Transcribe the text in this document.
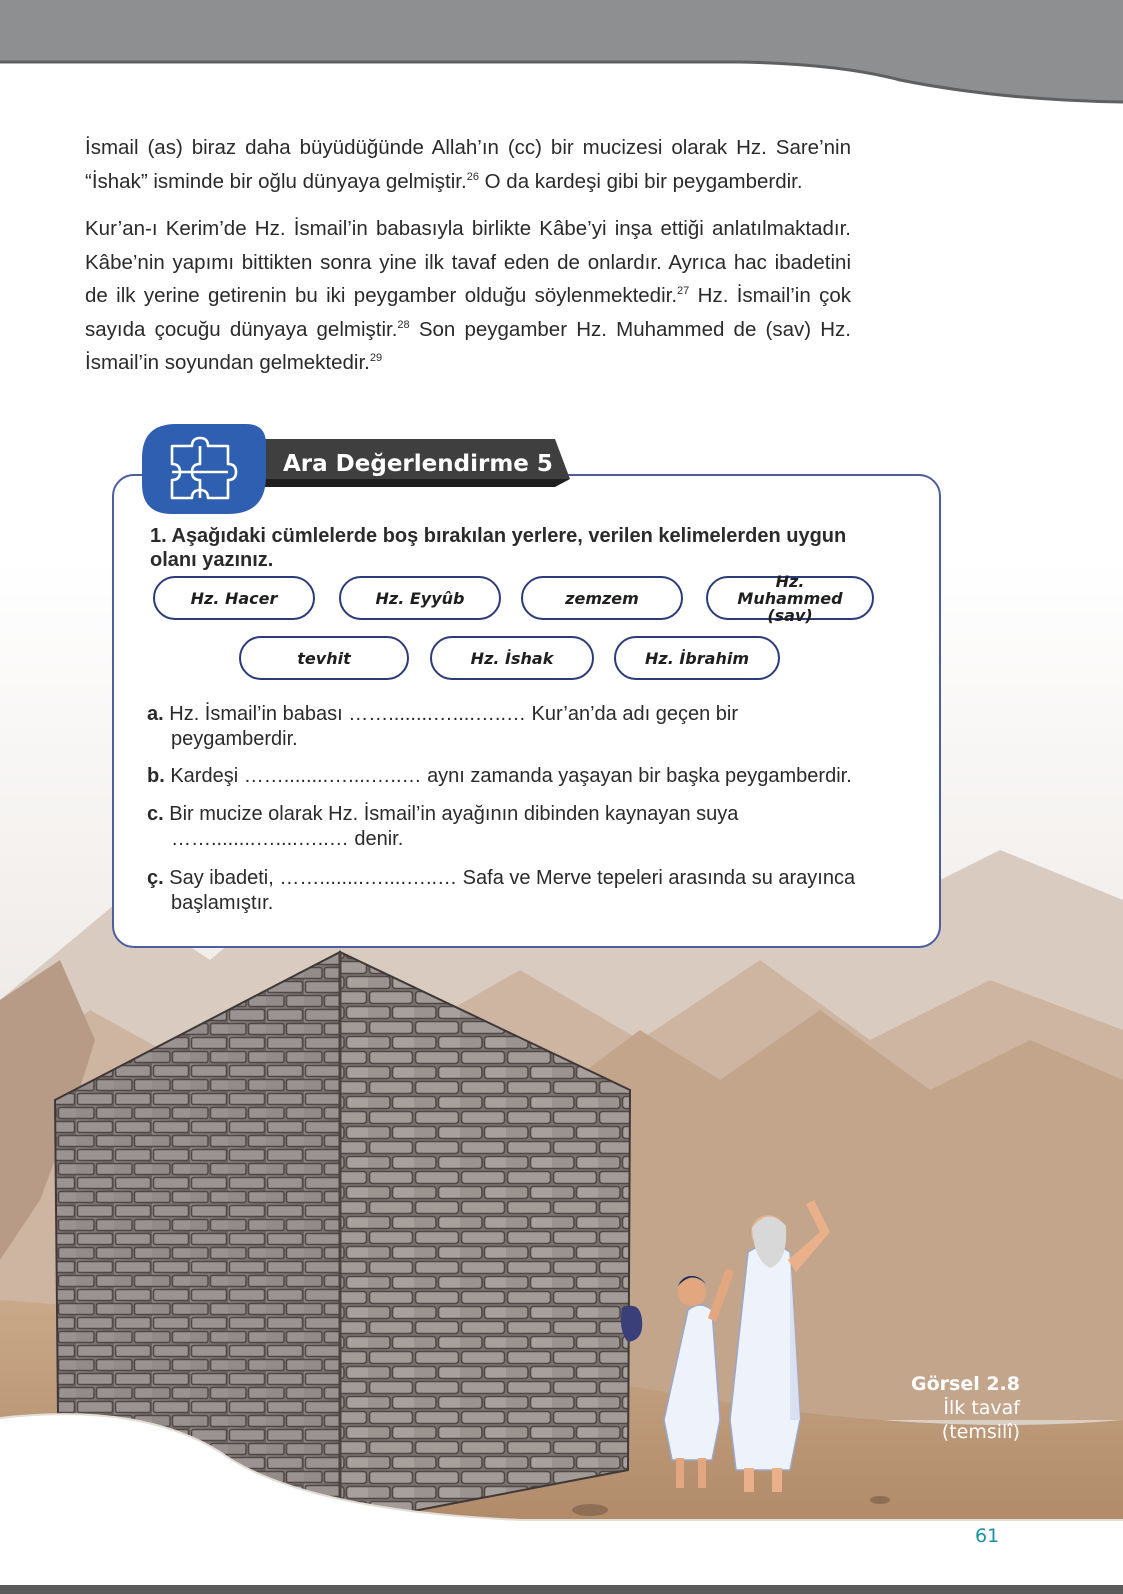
İsmail (as) biraz daha büyüdüğünde Allah’ın (cc) bir mucizesi olarak Hz. Sare’nin “İshak” isminde bir oğlu dünyaya gelmiştir.$^{26}$ O da kardeşi gibi bir peygamberdir.

Kur’an-ı Kerim’de Hz. İsmail’in babasıyla birlikte Kâbe’yi inşa ettiği anlatılmaktadır. Kâbe’nin yapımı bittikten sonra yine ilk tavaf eden de onlardır. Ayrıca hac ibadetini de ilk yerine getirenin bu iki peygamber olduğu söylenmektedir.$^{27}$ Hz. İsmail’in çok sayıda çocuğu dünyaya gelmiştir.$^{28}$ Son peygamber Hz. Muhammed de (sav) Hz. İsmail’in soyundan gelmektedir.$^{29}$

Ara Değerlendirme 5

1. Aşağıdaki cümlelerde boş bırakılan yerlere, verilen kelimelerden uygun olanı yazınız.

Hz. Hacer	Hz. Eyyûb	zemzem
Hz. Muhammed (sav)
tevhit	Hz. İshak	Hz. İbrahim

a. Hz. İsmail’in babası ……........…....…..… Kur’an’da adı geçen bir peygamberdir.

b. Kardeşi ……........…....…..… aynı zamanda yaşayan bir başka peygamberdir.

c. Bir mucize olarak Hz. İsmail’in ayağının dibinden kaynayan suya ……........…....…..… denir.

ç. Say ibadeti, ……........…....…..… Safa ve Merve tepeleri arasında su arayınca başlamıştır.

Görsel 2.8
İlk tavaf
(temsilî)
61
